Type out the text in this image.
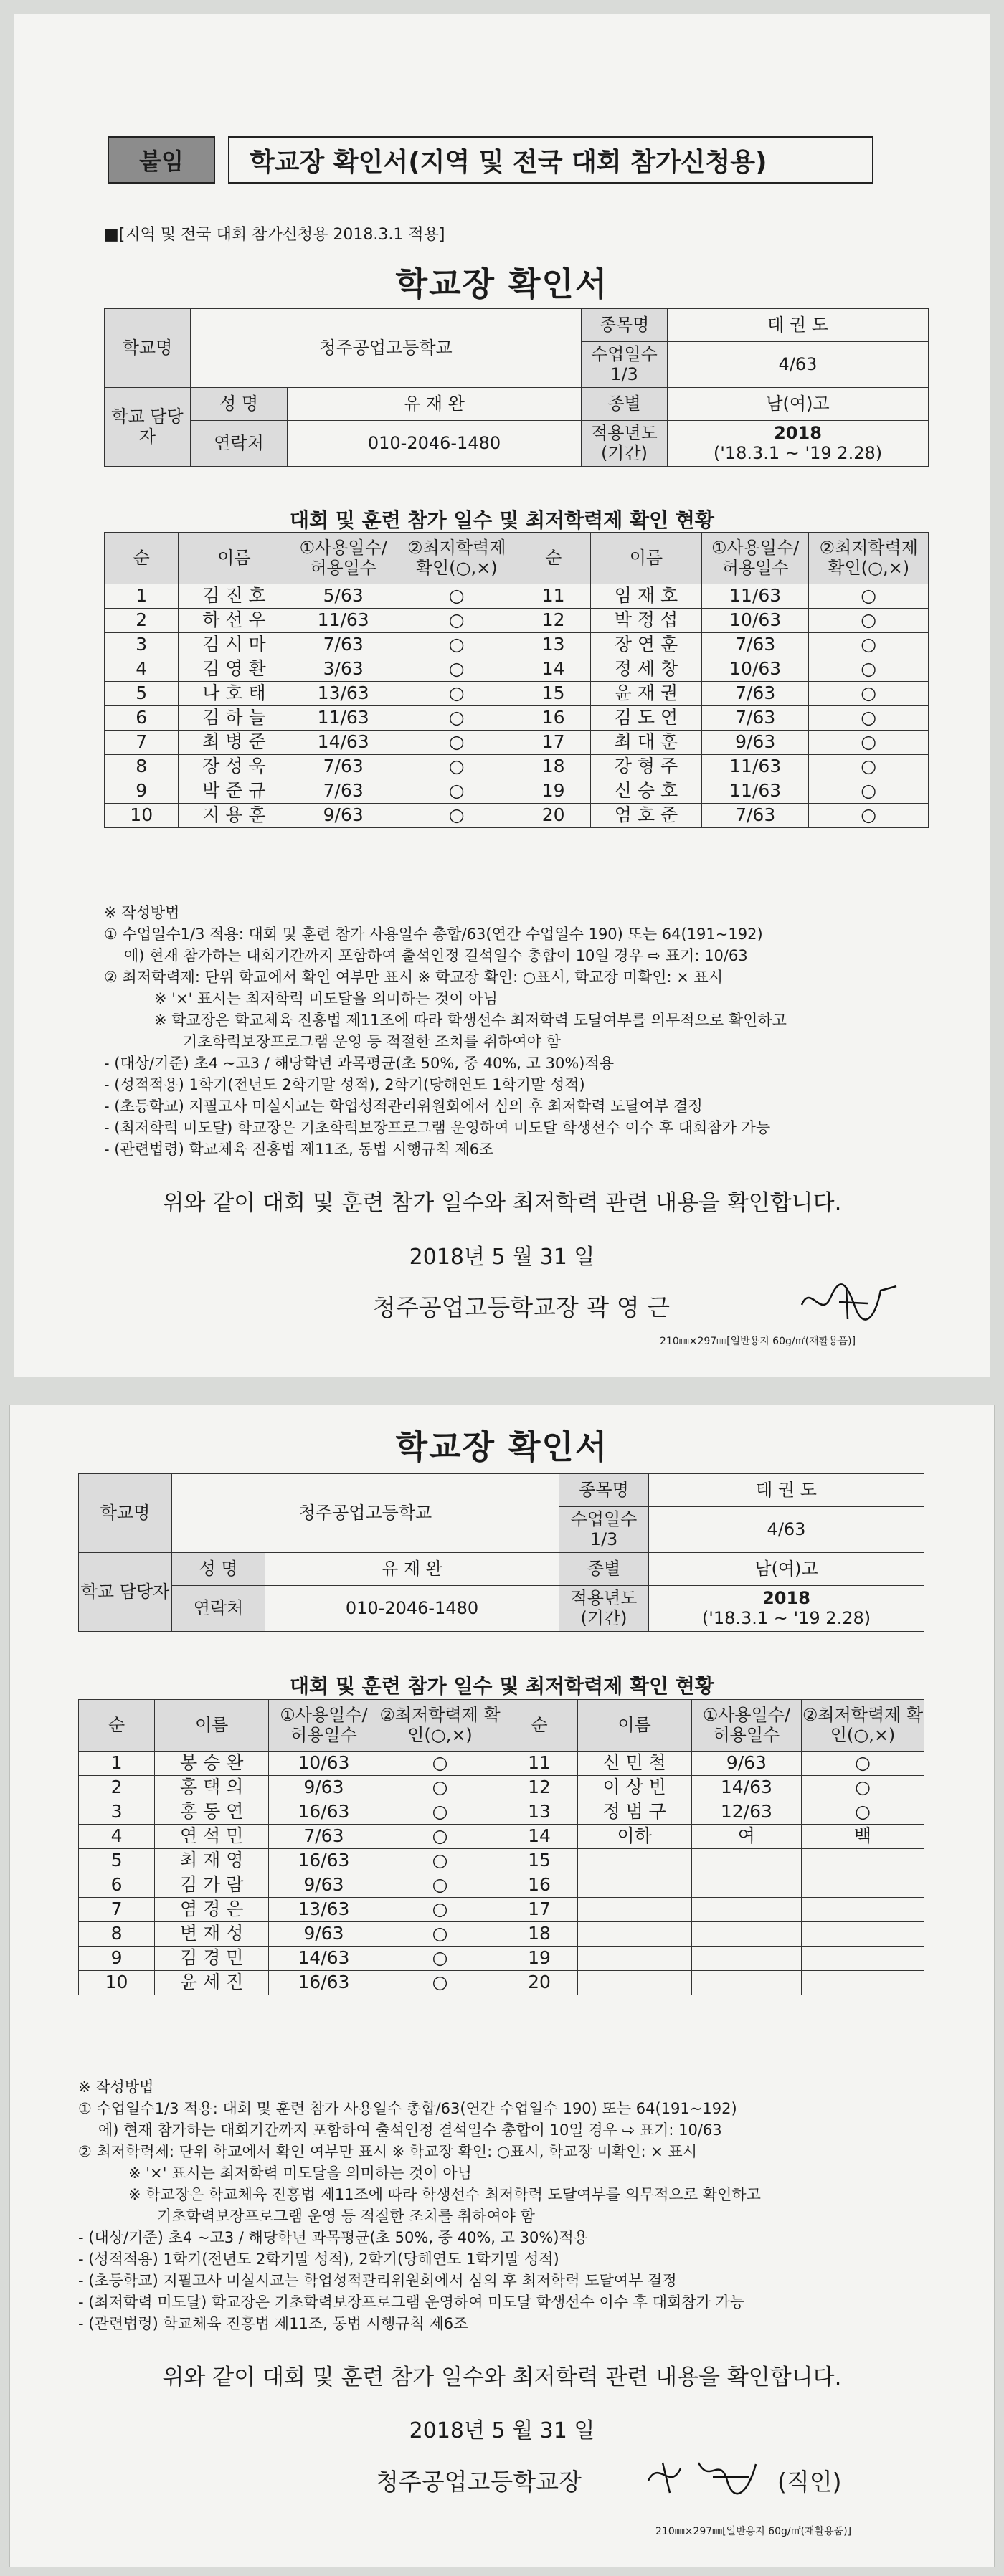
붙임	학교장 확인서(지역 및 전국 대회 참가신청용)
■[지역 및 전국 대회 참가신청용 2018.3.1 적용]
학교장 확인서
학교명	청주공업고등학교		종목명	태 권 도
			수업일수 1/3	4/63
학교 담당자	성 명	유 재 완	종별	남(여)고
	연락처	010-2046-1480	적용년도 (기간)	2018
('18.3.1 ~ '19 2.28)
대회 및 훈련 참가 일수 및 최저학력제 확인 현황
순	이름	①사용일수/ 허용일수	②최저학력제 확인(○,×)	순	이름	①사용일수/ 허용일수	②최저학력제 확인(○,×)
1	김 진 호	5/63	○	11	임 재 호	11/63	○
2	하 선 우	11/63	○	12	박 정 섭	10/63	○
3	김 시 마	7/63	○	13	장 연 훈	7/63	○
4	김 영 환	3/63	○	14	정 세 창	10/63	○
5	나 호 태	13/63	○	15	윤 재 권	7/63	○
6	김 하 늘	11/63	○	16	김 도 연	7/63	○
7	최 병 준	14/63	○	17	최 대 훈	9/63	○
8	장 성 욱	7/63	○	18	강 형 주	11/63	○
9	박 준 규	7/63	○	19	신 승 호	11/63	○
10	지 용 훈	9/63	○	20	엄 호 준	7/63	○
※ 작성방법
① 수업일수1/3 적용: 대회 및 훈련 참가 사용일수 총합/63(연간 수업일수 190) 또는 64(191~192)
에) 현재 참가하는 대회기간까지 포함하여 출석인정 결석일수 총합이 10일 경우 ⇨ 표기: 10/63
② 최저학력제: 단위 학교에서 확인 여부만 표시 ※ 학교장 확인: ○표시, 학교장 미확인: × 표시
※ '×' 표시는 최저학력 미도달을 의미하는 것이 아님
※ 학교장은 학교체육 진흥법 제11조에 따라 학생선수 최저학력 도달여부를 의무적으로 확인하고
기초학력보장프로그램 운영 등 적절한 조치를 취하여야 함
- (대상/기준) 초4 ~고3 / 해당학년 과목평균(초 50%, 중 40%, 고 30%)적용
- (성적적용) 1학기(전년도 2학기말 성적), 2학기(당해연도 1학기말 성적)
- (초등학교) 지필고사 미실시교는 학업성적관리위원회에서 심의 후 최저학력 도달여부 결정
- (최저학력 미도달) 학교장은 기초학력보장프로그램 운영하여 미도달 학생선수 이수 후 대회참가 가능
- (관련법령) 학교체육 진흥법 제11조, 동법 시행규칙 제6조
위와 같이 대회 및 훈련 참가 일수와 최저학력 관련 내용을 확인합니다.
2018년 5 월 31 일
청주공업고등학교장 곽 영 근
210㎜×297㎜[일반용지 60g/㎡(재활용품)]
학교장 확인서
학교명	청주공업고등학교		종목명	태 권 도
			수업일수 1/3	4/63
학교 담당자	성 명	유 재 완	종별	남(여)고
	연락처	010-2046-1480	적용년도 (기간)	2018
('18.3.1 ~ '19 2.28)
대회 및 훈련 참가 일수 및 최저학력제 확인 현황
순	이름	①사용일수/ 허용일수	②최저학력제 확인(○,×)	순	이름	①사용일수/ 허용일수	②최저학력제 확인(○,×)
1	봉 승 완	10/63	○	11	신 민 철	9/63	○
2	홍 택 의	9/63	○	12	이 상 빈	14/63	○
3	홍 동 연	16/63	○	13	정 범 구	12/63	○
4	연 석 민	7/63	○	14	이하	여	백
5	최 재 영	16/63	○	15			
6	김 가 람	9/63	○	16			
7	염 경 은	13/63	○	17			
8	변 재 성	9/63	○	18			
9	김 경 민	14/63	○	19			
10	윤 세 진	16/63	○	20			
※ 작성방법
① 수업일수1/3 적용: 대회 및 훈련 참가 사용일수 총합/63(연간 수업일수 190) 또는 64(191~192)
에) 현재 참가하는 대회기간까지 포함하여 출석인정 결석일수 총합이 10일 경우 ⇨ 표기: 10/63
② 최저학력제: 단위 학교에서 확인 여부만 표시 ※ 학교장 확인: ○표시, 학교장 미확인: × 표시
※ '×' 표시는 최저학력 미도달을 의미하는 것이 아님
※ 학교장은 학교체육 진흥법 제11조에 따라 학생선수 최저학력 도달여부를 의무적으로 확인하고
기초학력보장프로그램 운영 등 적절한 조치를 취하여야 함
- (대상/기준) 초4 ~고3 / 해당학년 과목평균(초 50%, 중 40%, 고 30%)적용
- (성적적용) 1학기(전년도 2학기말 성적), 2학기(당해연도 1학기말 성적)
- (초등학교) 지필고사 미실시교는 학업성적관리위원회에서 심의 후 최저학력 도달여부 결정
- (최저학력 미도달) 학교장은 기초학력보장프로그램 운영하여 미도달 학생선수 이수 후 대회참가 가능
- (관련법령) 학교체육 진흥법 제11조, 동법 시행규칙 제6조
위와 같이 대회 및 훈련 참가 일수와 최저학력 관련 내용을 확인합니다.
2018년 5 월 31 일
청주공업고등학교장	(직인)
210㎜×297㎜[일반용지 60g/㎡(재활용품)]
